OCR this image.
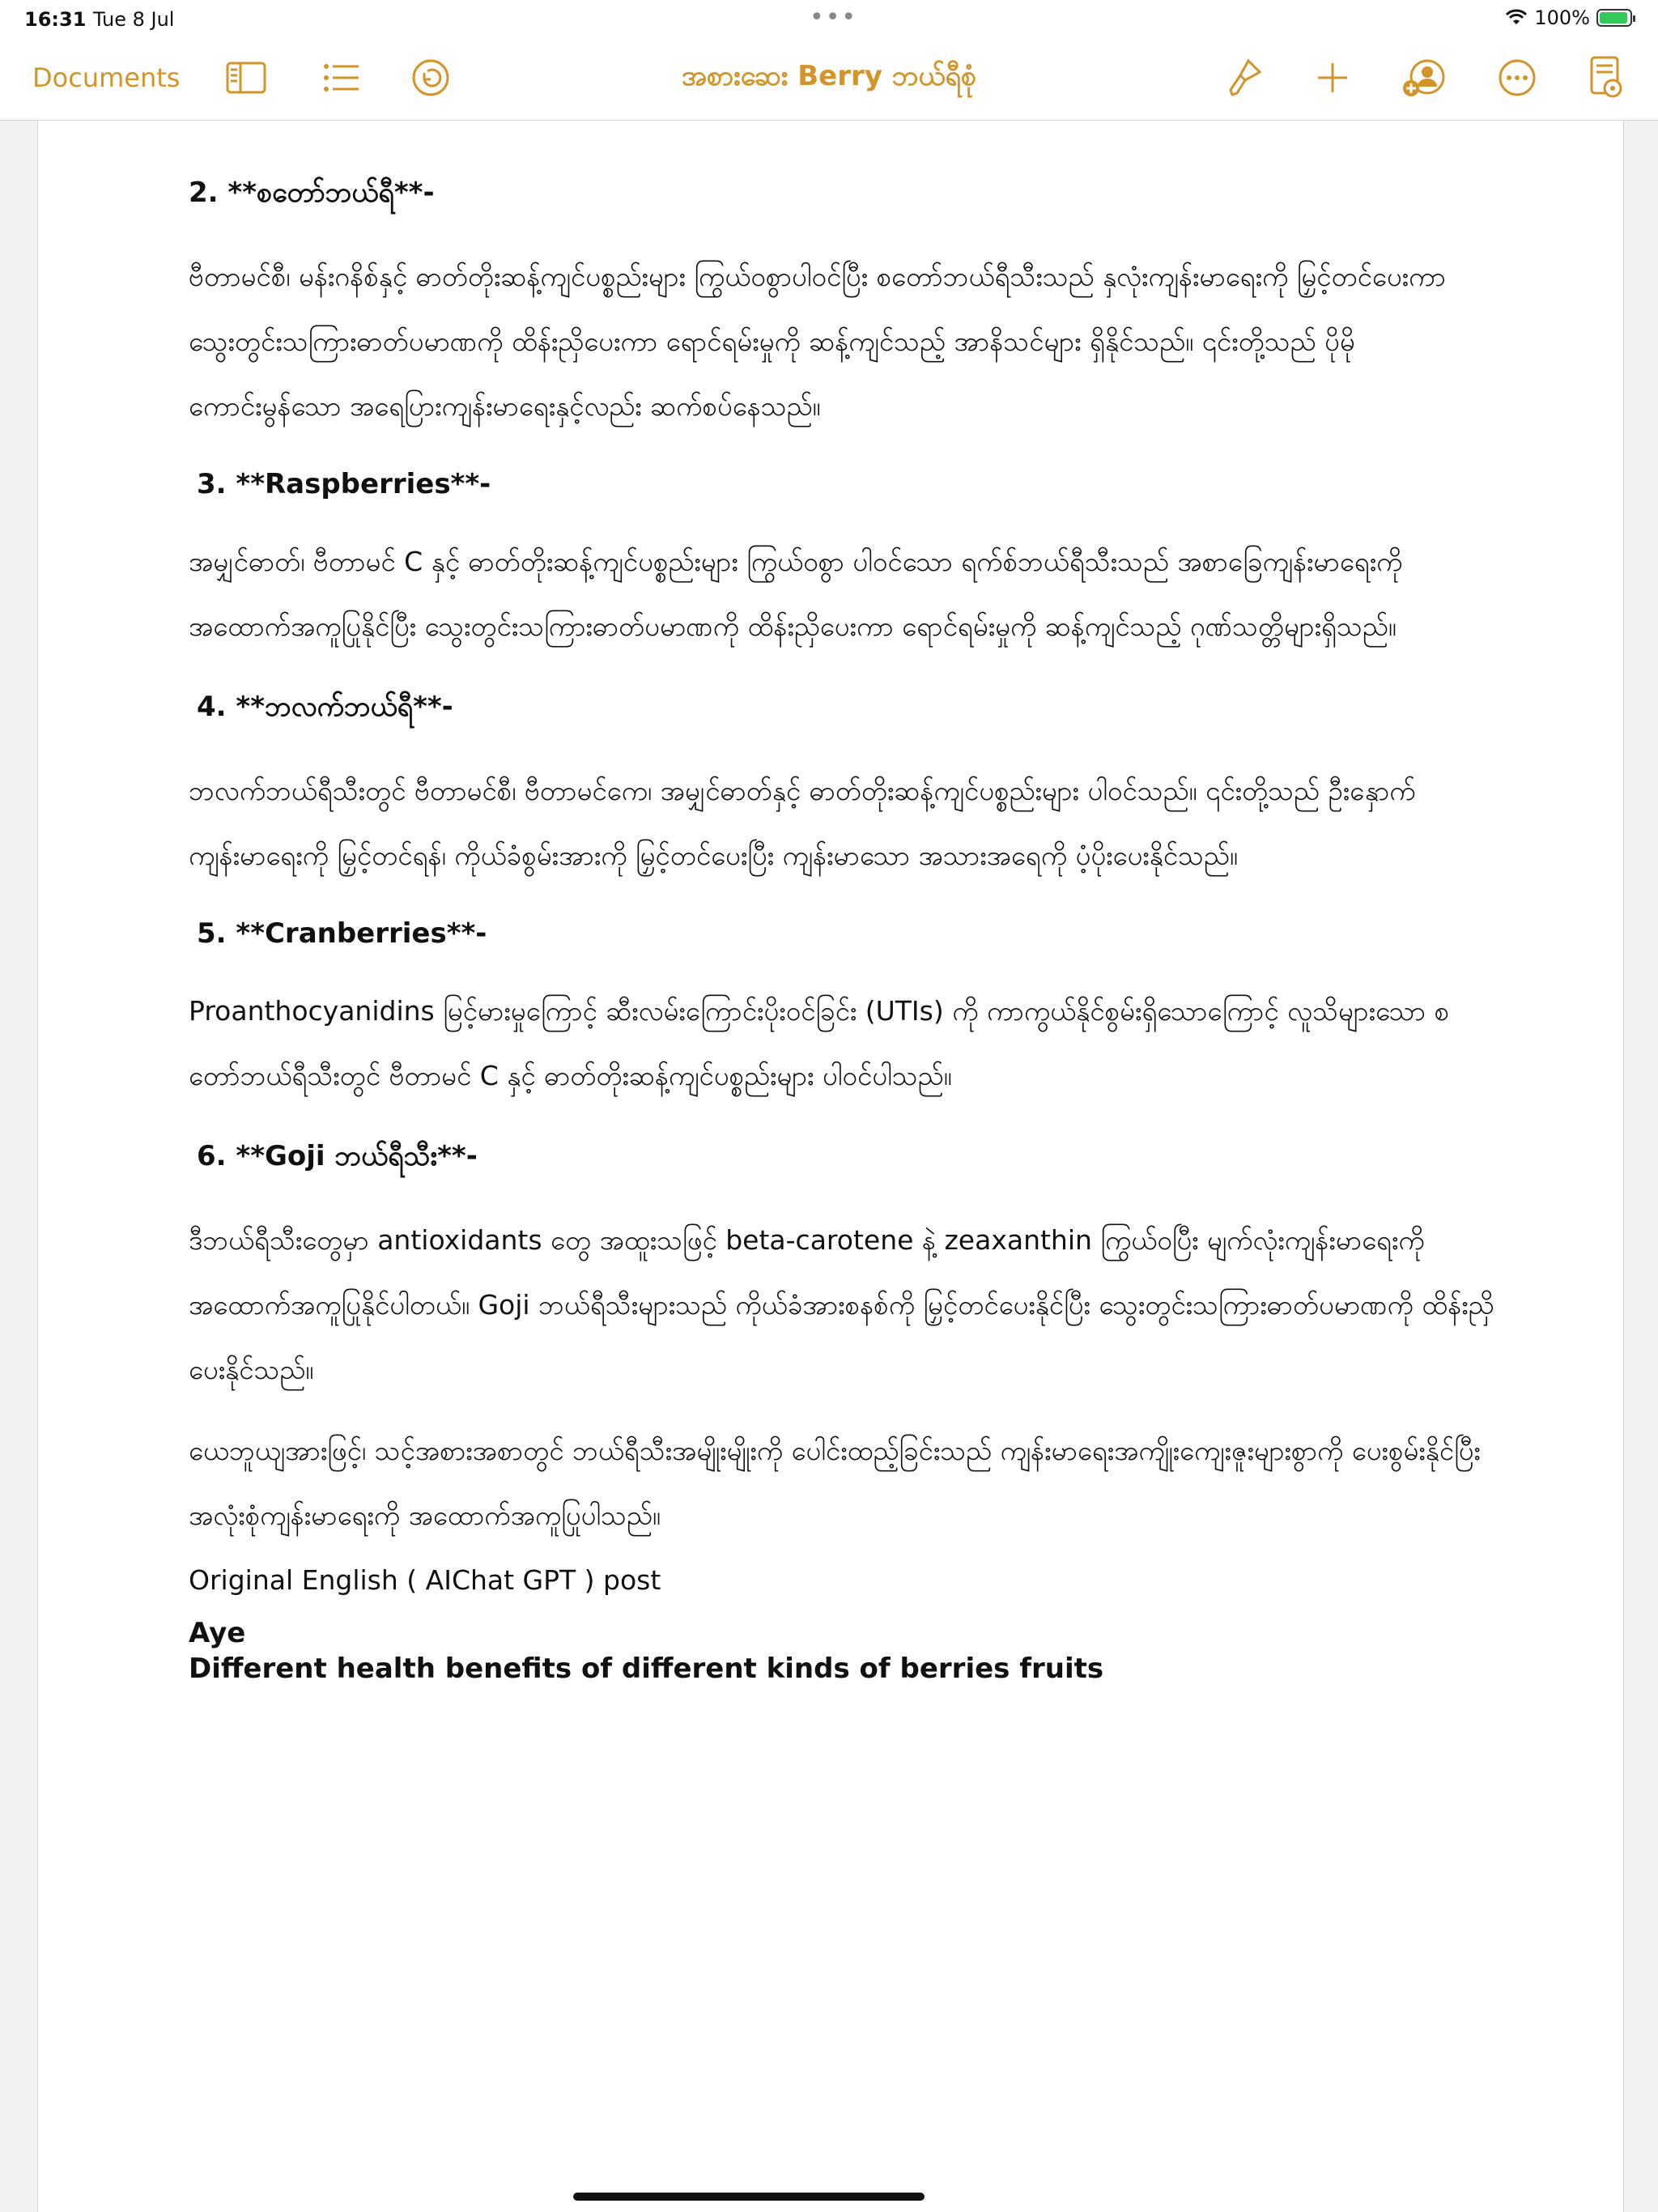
16:31 Tue 8 Jul	•••	100%
Documents	အစားဆေး Berry ဘယ်ရီစုံ
2. **စတော်ဘယ်ရီ**-

ဗီတာမင်စီ၊ မန်းဂနိစ်နှင့် ဓာတ်တိုးဆန့်ကျင်ပစ္စည်းများ ကြွယ်ဝစွာပါဝင်ပြီး စတော်ဘယ်ရီသီးသည် နှလုံးကျန်းမာရေးကို မြှင့်တင်ပေးကာ သွေးတွင်းသကြားဓာတ်ပမာဏကို ထိန်းညှိပေးကာ ရောင်ရမ်းမှုကို ဆန့်ကျင်သည့် အာနိသင်များ ရှိနိုင်သည်။ ၎င်းတို့သည် ပိုမိုကောင်းမွန်သော အရေပြားကျန်းမာရေးနှင့်လည်း ဆက်စပ်နေသည်။

3. **Raspberries**-

အမျှင်ဓာတ်၊ ဗီတာမင် C နှင့် ဓာတ်တိုးဆန့်ကျင်ပစ္စည်းများ ကြွယ်ဝစွာ ပါဝင်သော ရက်စ်ဘယ်ရီသီးသည် အစာခြေကျန်းမာရေးကို အထောက်အကူပြုနိုင်ပြီး သွေးတွင်းသကြားဓာတ်ပမာဏကို ထိန်းညှိပေးကာ ရောင်ရမ်းမှုကို ဆန့်ကျင်သည့် ဂုဏ်သတ္တိများရှိသည်။

4. **ဘလက်ဘယ်ရီ**-

ဘလက်ဘယ်ရီသီးတွင် ဗီတာမင်စီ၊ ဗီတာမင်ကေ၊ အမျှင်ဓာတ်နှင့် ဓာတ်တိုးဆန့်ကျင်ပစ္စည်းများ ပါဝင်သည်။ ၎င်းတို့သည် ဦးနှောက်ကျန်းမာရေးကို မြှင့်တင်ရန်၊ ကိုယ်ခံစွမ်းအားကို မြှင့်တင်ပေးပြီး ကျန်းမာသော အသားအရေကို ပံ့ပိုးပေးနိုင်သည်။

5. **Cranberries**-

Proanthocyanidins မြင့်မားမှုကြောင့် ဆီးလမ်းကြောင်းပိုးဝင်ခြင်း (UTIs) ကို ကာကွယ်နိုင်စွမ်းရှိသောကြောင့် လူသိများသော စတော်ဘယ်ရီသီးတွင် ဗီတာမင် C နှင့် ဓာတ်တိုးဆန့်ကျင်ပစ္စည်းများ ပါဝင်ပါသည်။

6. **Goji ဘယ်ရီသီး**-

ဒီဘယ်ရီသီးတွေမှာ antioxidants တွေ အထူးသဖြင့် beta-carotene နဲ့ zeaxanthin ကြွယ်ဝပြီး မျက်လုံးကျန်းမာရေးကို အထောက်အကူပြုနိုင်ပါတယ်။ Goji ဘယ်ရီသီးများသည် ကိုယ်ခံအားစနစ်ကို မြှင့်တင်ပေးနိုင်ပြီး သွေးတွင်းသကြားဓာတ်ပမာဏကို ထိန်းညှိပေးနိုင်သည်။

ယေဘူယျအားဖြင့်၊ သင့်အစားအစာတွင် ဘယ်ရီသီးအမျိုးမျိုးကို ပေါင်းထည့်ခြင်းသည် ကျန်းမာရေးအကျိုးကျေးဇူးများစွာကို ပေးစွမ်းနိုင်ပြီး အလုံးစုံကျန်းမာရေးကို အထောက်အကူပြုပါသည်။

Original English ( AIChat GPT ) post

Aye

Different health benefits of different kinds of berries fruits
